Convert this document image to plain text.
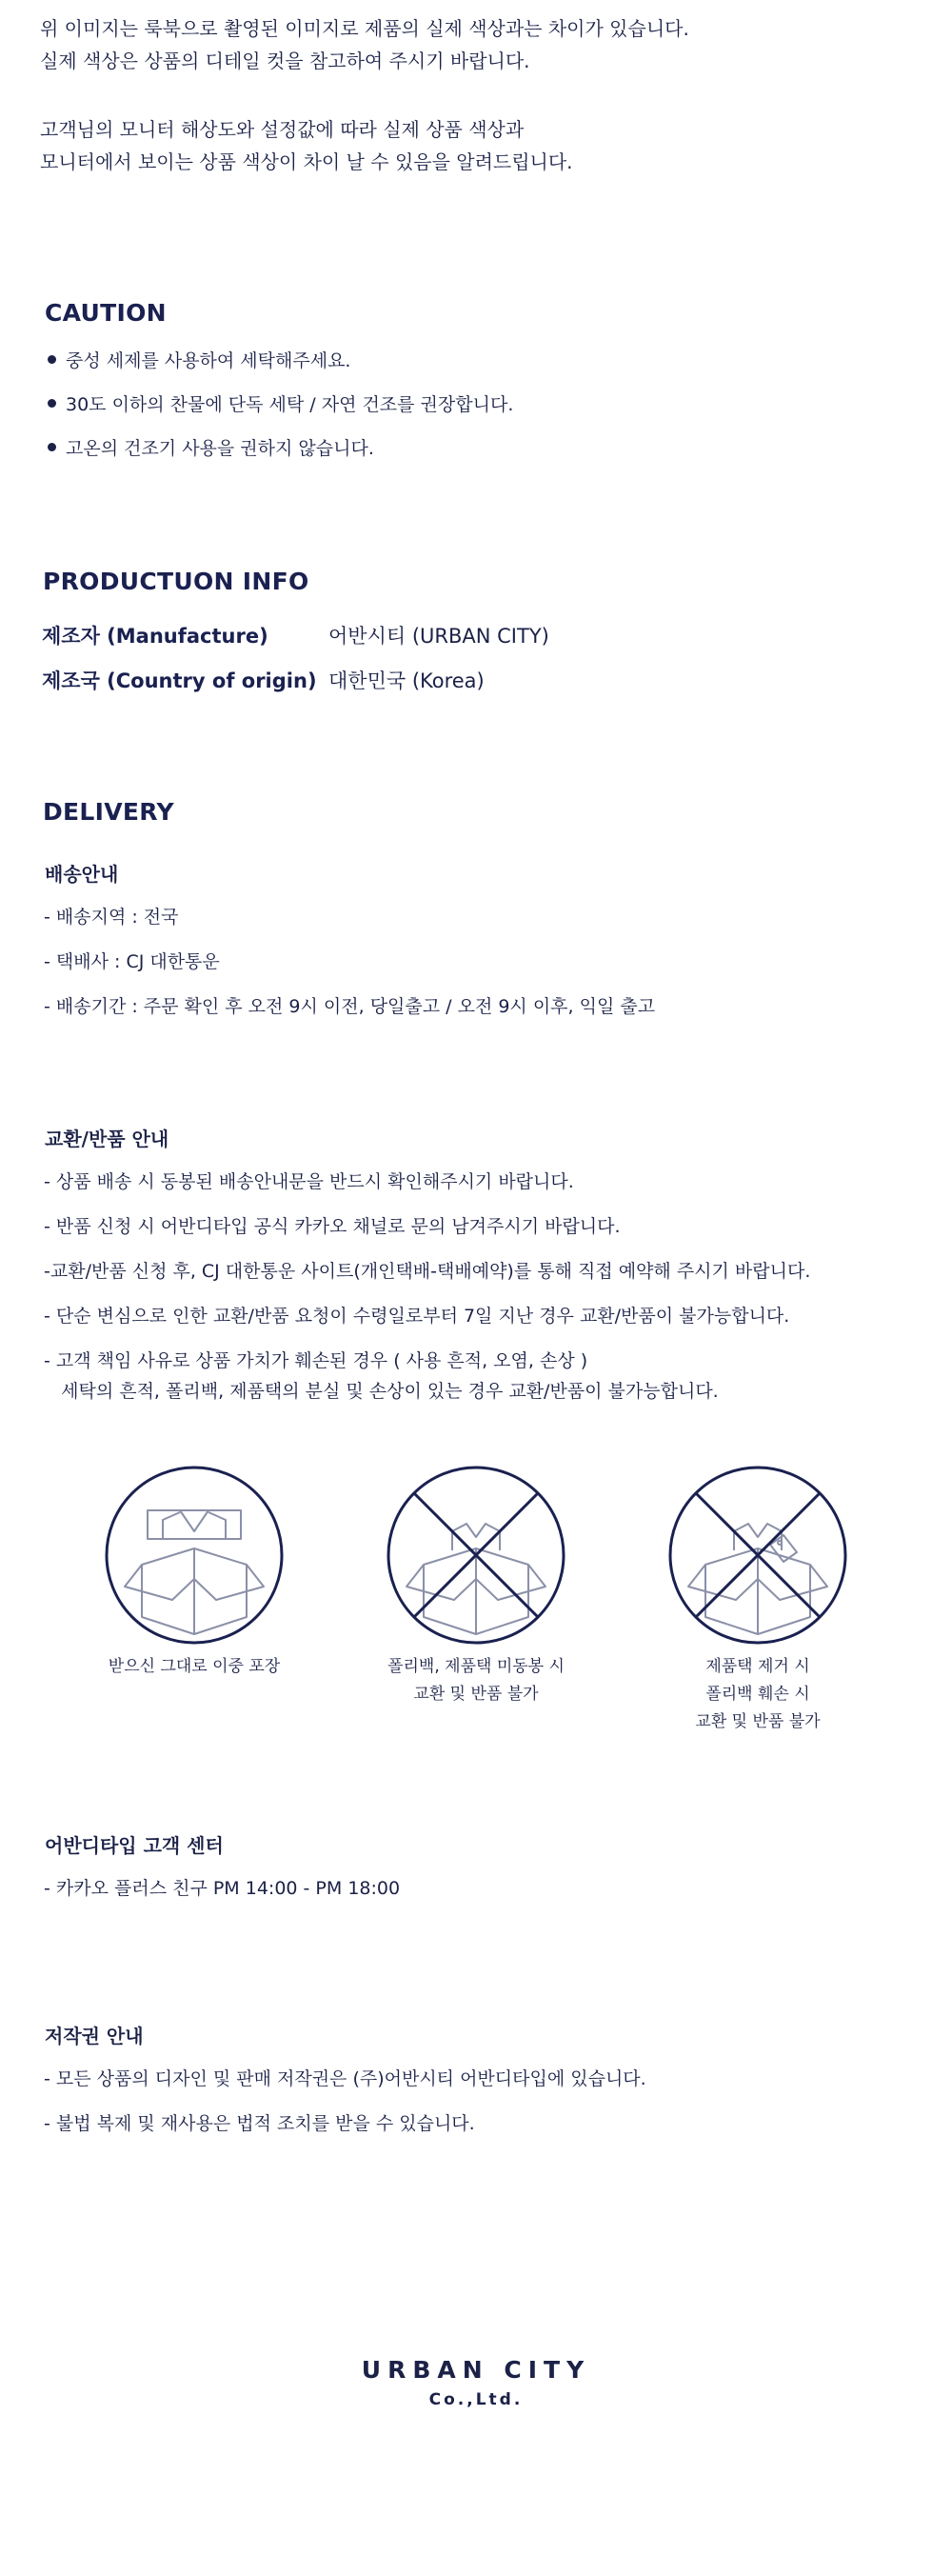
위 이미지는 룩북으로 촬영된 이미지로 제품의 실제 색상과는 차이가 있습니다.
실제 색상은 상품의 디테일 컷을 참고하여 주시기 바랍니다.
고객님의 모니터 해상도와 설정값에 따라 실제 상품 색상과
모니터에서 보이는 상품 색상이 차이 날 수 있음을 알려드립니다.
CAUTION
중성 세제를 사용하여 세탁해주세요.
30도 이하의 찬물에 단독 세탁 / 자연 건조를 권장합니다.
고온의 건조기 사용을 권하지 않습니다.
PRODUCTUON INFO
제조자 (Manufacture)	어반시티 (URBAN CITY)
제조국 (Country of origin) 대한민국 (Korea)
DELIVERY
배송안내
- 배송지역 : 전국
- 택배사 : CJ 대한통운
- 배송기간 : 주문 확인 후 오전 9시 이전, 당일출고 / 오전 9시 이후, 익일 출고
교환/반품 안내
- 상품 배송 시 동봉된 배송안내문을 반드시 확인해주시기 바랍니다.
- 반품 신청 시 어반디타입 공식 카카오 채널로 문의 남겨주시기 바랍니다.
-교환/반품 신청 후, CJ 대한통운 사이트(개인택배-택배예약)를 통해 직접 예약해 주시기 바랍니다.
- 단순 변심으로 인한 교환/반품 요청이 수령일로부터 7일 지난 경우 교환/반품이 불가능합니다.
- 고객 책임 사유로 상품 가치가 훼손된 경우 ( 사용 흔적, 오염, 손상 )
세탁의 흔적, 폴리백, 제품택의 분실 및 손상이 있는 경우 교환/반품이 불가능합니다.
받으신 그대로 이중 포장	폴리백, 제품택 미동봉 시
교환 및 반품 불가
제품택 제거 시
폴리백 훼손 시
교환 및 반품 불가
어반디타입 고객 센터
- 카카오 플러스 친구 PM 14:00 - PM 18:00
저작권 안내
- 모든 상품의 디자인 및 판매 저작권은 (주)어반시티 어반디타입에 있습니다.
- 불법 복제 및 재사용은 법적 조치를 받을 수 있습니다.
URBAN CITY
Co.,Ltd.
